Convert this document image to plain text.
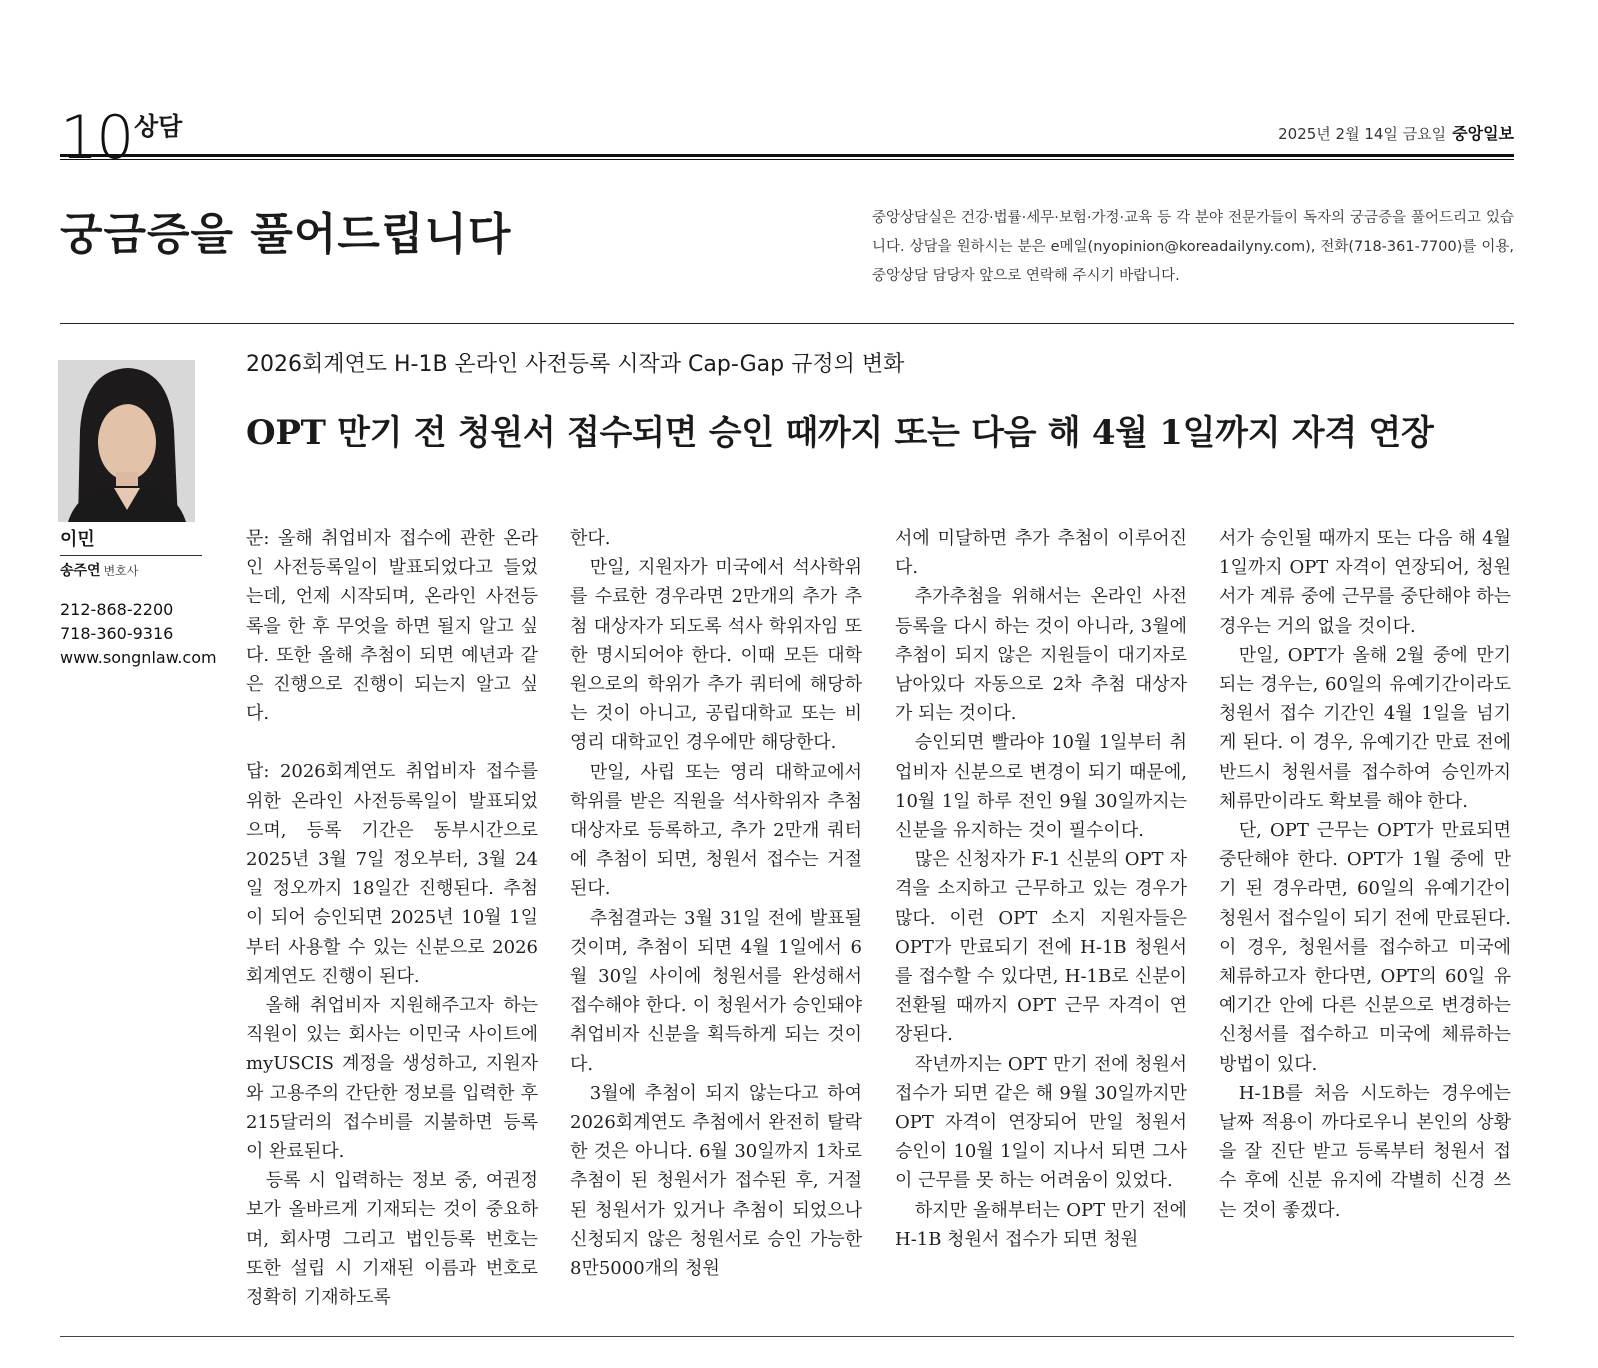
10 상담	2025년 2월 14일 금요일 중앙일보
궁금증을 풀어드립니다	중앙상담실은 건강·법률·세무·보험·가정·교육 등 각 분야 전문가들이 독자의 궁금증을 풀어드리고 있습니다. 상담을 원하시는 분은 e메일(nyopinion@koreadailyny.com), 전화(718-361-7700)를 이용, 중앙상담 담당자 앞으로 연락해 주시기 바랍니다.
이민
송주연 변호사
212-868-2200
718-360-9316
www.songnlaw.com
2026회계연도 H-1B 온라인 사전등록 시작과 Cap-Gap 규정의 변화
OPT 만기 전 청원서 접수되면 승인 때까지 또는 다음 해 4월 1일까지 자격 연장

문: 올해 취업비자 접수에 관한 온라인 사전등록일이 발표되었다고 들었는데, 언제 시작되며, 온라인 사전등록을 한 후 무엇을 하면 될지 알고 싶다. 또한 올해 추첨이 되면 예년과 같은 진행으로 진행이 되는지 알고 싶다.

답: 2026회계연도 취업비자 접수를 위한 온라인 사전등록일이 발표되었으며, 등록 기간은 동부시간으로 2025년 3월 7일 정오부터, 3월 24일 정오까지 18일간 진행된다. 추첨이 되어 승인되면 2025년 10월 1일부터 사용할 수 있는 신분으로 2026회계연도 진행이 된다.

올해 취업비자 지원해주고자 하는 직원이 있는 회사는 이민국 사이트에 myUSCIS 계정을 생성하고, 지원자와 고용주의 간단한 정보를 입력한 후 215달러의 접수비를 지불하면 등록이 완료된다.

등록 시 입력하는 정보 중, 여권정보가 올바르게 기재되는 것이 중요하며, 회사명 그리고 법인등록 번호는 또한 설립 시 기재된 이름과 번호로 정확히 기재하도록

한다.

만일, 지원자가 미국에서 석사학위를 수료한 경우라면 2만개의 추가 추첨 대상자가 되도록 석사 학위자임 또한 명시되어야 한다. 이때 모든 대학원으로의 학위가 추가 쿼터에 해당하는 것이 아니고, 공립대학교 또는 비영리 대학교인 경우에만 해당한다.

만일, 사립 또는 영리 대학교에서 학위를 받은 직원을 석사학위자 추첨대상자로 등록하고, 추가 2만개 쿼터에 추첨이 되면, 청원서 접수는 거절된다.

추첨결과는 3월 31일 전에 발표될 것이며, 추첨이 되면 4월 1일에서 6월 30일 사이에 청원서를 완성해서 접수해야 한다. 이 청원서가 승인돼야 취업비자 신분을 획득하게 되는 것이다.

3월에 추첨이 되지 않는다고 하여 2026회계연도 추첨에서 완전히 탈락한 것은 아니다. 6월 30일까지 1차로 추첨이 된 청원서가 접수된 후, 거절된 청원서가 있거나 추첨이 되었으나 신청되지 않은 청원서로 승인 가능한 8만5000개의 청원

서에 미달하면 추가 추첨이 이루어진다.

추가추첨을 위해서는 온라인 사전등록을 다시 하는 것이 아니라, 3월에 추첨이 되지 않은 지원들이 대기자로 남아있다 자동으로 2차 추첨 대상자가 되는 것이다.

승인되면 빨라야 10월 1일부터 취업비자 신분으로 변경이 되기 때문에, 10월 1일 하루 전인 9월 30일까지는 신분을 유지하는 것이 필수이다.

많은 신청자가 F-1 신분의 OPT 자격을 소지하고 근무하고 있는 경우가 많다. 이런 OPT 소지 지원자들은 OPT가 만료되기 전에 H-1B 청원서를 접수할 수 있다면, H-1B로 신분이 전환될 때까지 OPT 근무 자격이 연장된다.

작년까지는 OPT 만기 전에 청원서 접수가 되면 같은 해 9월 30일까지만 OPT 자격이 연장되어 만일 청원서 승인이 10월 1일이 지나서 되면 그사이 근무를 못 하는 어려움이 있었다.

하지만 올해부터는 OPT 만기 전에 H-1B 청원서 접수가 되면 청원

서가 승인될 때까지 또는 다음 해 4월 1일까지 OPT 자격이 연장되어, 청원서가 계류 중에 근무를 중단해야 하는 경우는 거의 없을 것이다.

만일, OPT가 올해 2월 중에 만기 되는 경우는, 60일의 유예기간이라도 청원서 접수 기간인 4월 1일을 넘기게 된다. 이 경우, 유예기간 만료 전에 반드시 청원서를 접수하여 승인까지 체류만이라도 확보를 해야 한다.

단, OPT 근무는 OPT가 만료되면 중단해야 한다. OPT가 1월 중에 만기 된 경우라면, 60일의 유예기간이 청원서 접수일이 되기 전에 만료된다. 이 경우, 청원서를 접수하고 미국에 체류하고자 한다면, OPT의 60일 유예기간 안에 다른 신분으로 변경하는 신청서를 접수하고 미국에 체류하는 방법이 있다.

H-1B를 처음 시도하는 경우에는 날짜 적용이 까다로우니 본인의 상황을 잘 진단 받고 등록부터 청원서 접수 후에 신분 유지에 각별히 신경 쓰는 것이 좋겠다.
